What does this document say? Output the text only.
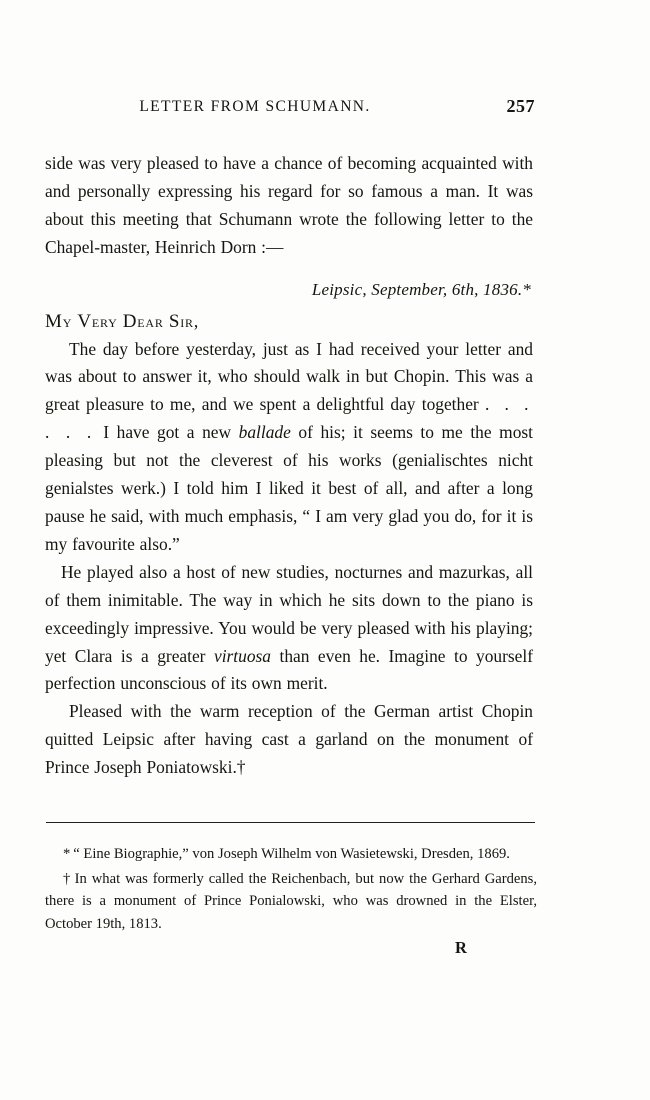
LETTER FROM SCHUMANN.	257

side was very pleased to have a chance of becoming acquainted with and personally expressing his regard for so famous a man. It was about this meeting that Schumann wrote the following letter to the Chapel-master, Heinrich Dorn :—

Leipsic, September, 6th, 1836.*

My Very Dear Sir,

The day before yesterday, just as I had received your letter and was about to answer it, who should walk in but Chopin. This was a great pleasure to me, and we spent a delightful day together . . . . . . I have got a new ballade of his; it seems to me the most pleasing but not the cleverest of his works (genialischtes nicht genialstes werk.) I told him I liked it best of all, and after a long pause he said, with much emphasis, “ I am very glad you do, for it is my favourite also.”

He played also a host of new studies, nocturnes and mazurkas, all of them inimitable. The way in which he sits down to the piano is exceedingly impressive. You would be very pleased with his playing; yet Clara is a greater virtuosa than even he. Imagine to yourself perfection unconscious of its own merit.

Pleased with the warm reception of the German artist Chopin quitted Leipsic after having cast a garland on the monument of Prince Joseph Poniatowski.†

* “ Eine Biographie,” von Joseph Wilhelm von Wasietewski, Dresden, 1869.

† In what was formerly called the Reichenbach, but now the Gerhard Gardens, there is a monument of Prince Ponialowski, who was drowned in the Elster, October 19th, 1813.

R
